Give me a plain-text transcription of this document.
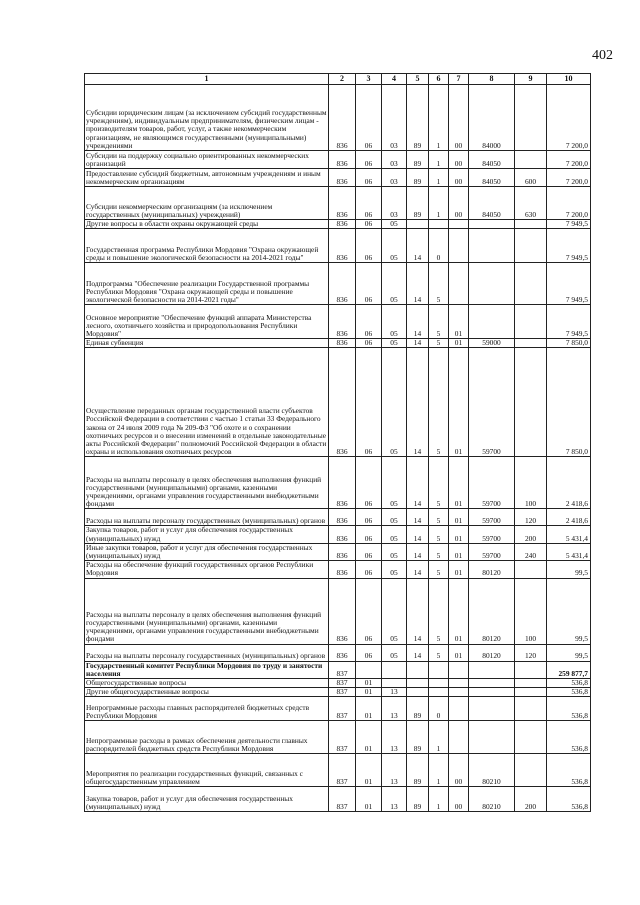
402
1	2	3	4	5	6	7	8	9	10
Субсидии юридическим лицам (за исключением субсидий государственным учреждениям), индивидуальным предпринимателям, физическим лицам - производителям товаров, работ, услуг, а также некоммерческим организациям, не являющимся государственными (муниципальными) учреждениями	836	06	03	89	1	00	84000		7 200,0
Субсидии на поддержку социально ориентированных некоммерческих организаций	836	06	03	89	1	00	84050		7 200,0
Предоставление субсидий бюджетным, автономным учреждениям и иным некоммерческим организациям	836	06	03	89	1	00	84050	600	7 200,0
Субсидии некоммерческим организациям (за исключением государственных (муниципальных) учреждений)	836	06	03	89	1	00	84050	630	7 200,0
Другие вопросы в области охраны окружающей среды	836	06	05						7 949,5
Государственная программа Республики Мордовия "Охрана окружающей среды и повышение экологической безопасности на 2014-2021 годы"	836	06	05	14	0				7 949,5
Подпрограмма "Обеспечение реализации Государственной программы Республики Мордовия "Охрана окружающей среды и повышение экологической безопасности на 2014-2021 годы"	836	06	05	14	5				7 949,5
Основное мероприятие "Обеспечение функций аппарата Министерства лесного, охотничьего хозяйства и природопользования Республики Мордовия"	836	06	05	14	5	01			7 949,5
Единая субвенция	836	06	05	14	5	01	59000		7 850,0
Осуществление переданных органам государственной власти субъектов Российской Федерации в соответствии с частью 1 статьи 33 Федерального закона от 24 июля 2009 года № 209-ФЗ "Об охоте и о сохранении охотничьих ресурсов и о внесении изменений в отдельные законодательные акты Российской Федерации" полномочий Российской Федерации в области охраны и использования охотничьих ресурсов	836	06	05	14	5	01	59700		7 850,0
Расходы на выплаты персоналу в целях обеспечения выполнения функций государственными (муниципальными) органами, казенными учреждениями, органами управления государственными внебюджетными фондами	836	06	05	14	5	01	59700	100	2 418,6
Расходы на выплаты персоналу государственных (муниципальных) органов	836	06	05	14	5	01	59700	120	2 418,6
Закупка товаров, работ и услуг для обеспечения государственных (муниципальных) нужд	836	06	05	14	5	01	59700	200	5 431,4
Иные закупки товаров, работ и услуг для обеспечения государственных (муниципальных) нужд	836	06	05	14	5	01	59700	240	5 431,4
Расходы на обеспечение функций государственных органов Республики Мордовия	836	06	05	14	5	01	80120		99,5
Расходы на выплаты персоналу в целях обеспечения выполнения функций государственными (муниципальными) органами, казенными учреждениями, органами управления государственными внебюджетными фондами	836	06	05	14	5	01	80120	100	99,5
Расходы на выплаты персоналу государственных (муниципальных) органов	836	06	05	14	5	01	80120	120	99,5
Государственный комитет Республики Мордовия по труду и занятости населения	837								259 877,7
Общегосударственные вопросы	837	01							536,8
Другие общегосударственные вопросы	837	01	13						536,8
Непрограммные расходы главных распорядителей бюджетных средств Республики Мордовия	837	01	13	89	0				536,8
Непрограммные расходы в рамках обеспечения деятельности главных распорядителей бюджетных средств Республики Мордовия	837	01	13	89	1				536,8
Мероприятия по реализации государственных функций, связанных с общегосударственным управлением	837	01	13	89	1	00	80210		536,8
Закупка товаров, работ и услуг для обеспечения государственных (муниципальных) нужд	837	01	13	89	1	00	80210	200	536,8
